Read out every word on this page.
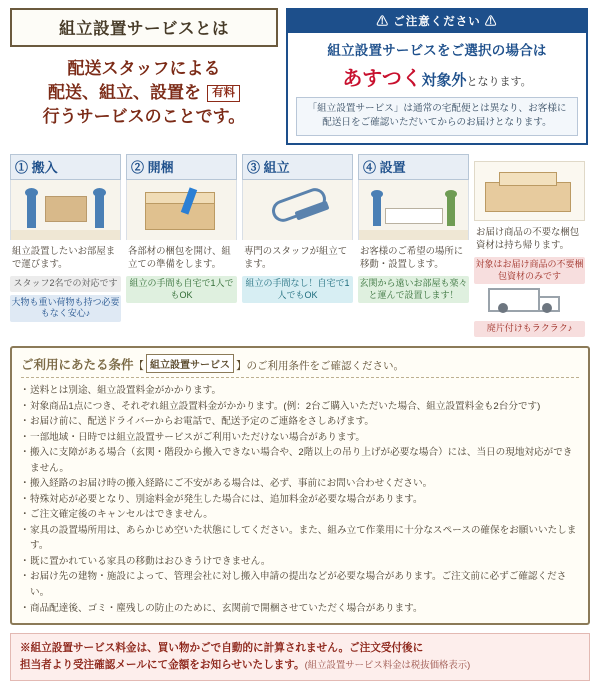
組立設置サービスとは
配送スタッフによる
配送、組立、設置を 有料
行うサービスのことです。
⚠ ご注意ください ⚠
組立設置サービスをご選択の場合は
あすつく対象外となります。
「組立設置サービス」は通常の宅配便とは異なり、お客様に配送日をご確認いただいてからのお届けとなります。
① 搬入
組立設置したいお部屋まで運びます。
スタッフ2名での対応です
大物も重い荷物も持つ必要もなく安心♪
② 開梱
各部材の梱包を開け、組立ての準備をします。
組立の手間も自宅で1人でもOK
③ 組立
専門のスタッフが組立てます。
組立の手間なし！自宅で1人でもOK
④ 設置
お客様のご希望の場所に移動・設置します。
玄関から遠いお部屋も楽々と運んで設置します！
お届け商品の不要な梱包資材は持ち帰ります。
対象はお届け商品の不要梱包資材のみです
廃片付けもラクラク♪
ご利用にあたる条件【 組立設置サービス 】のご利用条件をご確認ください。
・ 送料とは別途、組立設置料金がかかります。
・ 対象商品1点につき、それぞれ組立設置料金がかかります。(例：2台ご購入いただいた場合、組立設置料金も2台分です)
・ お届け前に、配送ドライバーからお電話で、配送予定のご連絡をさしあげます。
・ 一部地域・日時では組立設置サービスがご利用いただけない場合があります。
・ 搬入に支障がある場合（玄関・階段から搬入できない場合や、2階以上の吊り上げが必要な場合）には、当日の現地対応ができません。
・ 搬入経路のお届け時の搬入経路にご不安がある場合は、必ず、事前にお問い合わせください。
・ 特殊対応が必要となり、別途料金が発生した場合には、追加料金が必要な場合があります。
・ ご注文確定後のキャンセルはできません。
・ 家具の設置場所用は、あらかじめ空いた状態にしてください。また、組み立て作業用に十分なスペースの確保をお願いいたします。
・ 既に置かれている家具の移動はおひきうけできません。
・ お届け先の建物・施設によって、管理会社に対し搬入申請の提出などが必要な場合があります。ご注文前に必ずご確認ください。
・ 商品配達後、ゴミ・塵残しの防止のために、玄関前で開梱させていただく場合があります。
※組立設置サービス料金は、買い物かごで自動的に計算されません。ご注文受付後に
担当者より受注確認メールにて金額をお知らせいたします。(組立設置サービス料金は税抜価格表示)
